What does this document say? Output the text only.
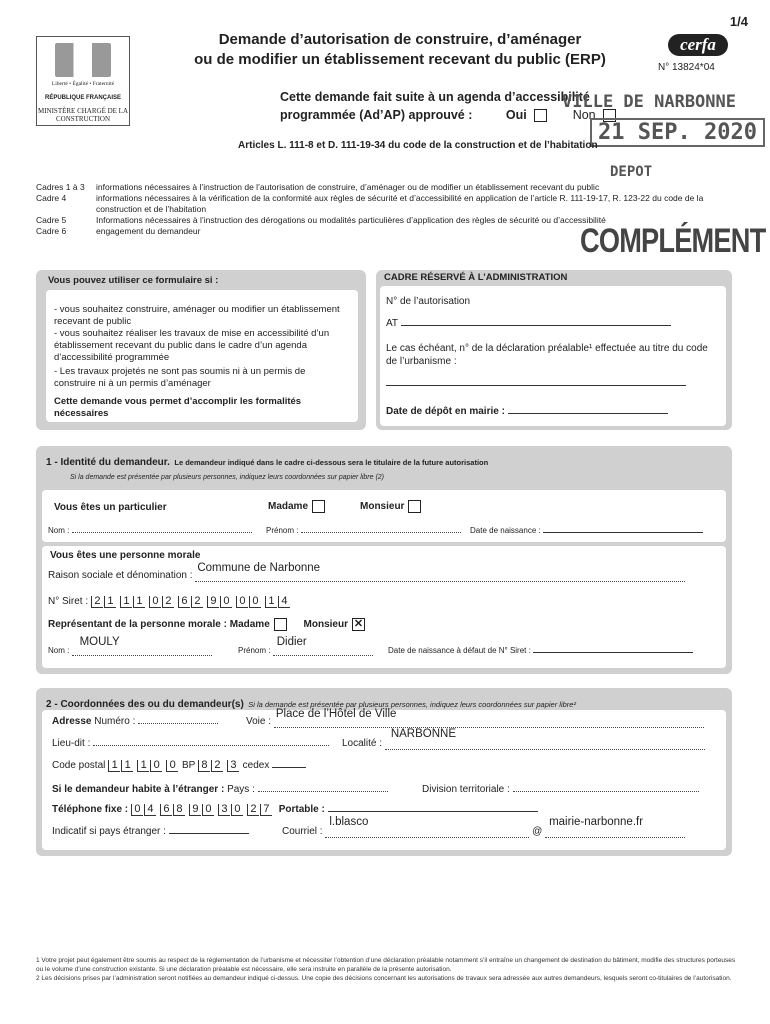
1/4
Liberté • Égalité • Fraternité
RÉPUBLIQUE FRANÇAISE
MINISTÈRE CHARGÉ DE LA CONSTRUCTION
Demande d’autorisation de construire, d’aménager
ou de modifier un établissement recevant du public (ERP)
cerfa
N° 13824*04
Cette demande fait suite à un agenda d’accessibilité
programmée (Ad’AP) approuvé :	Oui	Non
VILLE DE NARBONNE
21 SEP. 2020
DEPOT
Articles L. 111-8 et D. 111-19-34 du code de la construction et de l’habitation
Cadres 1 à 3 informations nécessaires à l’instruction de l’autorisation de construire, d’aménager ou de modifier un établissement recevant du public
Cadre 4	informations nécessaires à la vérification de la conformité aux règles de sécurité et d’accessibilité en application de l’article R. 111-19-17, R. 123-22 du code de la construction et de l’habitation
Cadre 5	Informations nécessaires à l’instruction des dérogations ou modalités particulières d’application des règles de sécurité ou d’accessibilité
Cadre 6	engagement du demandeur	COMPLÉMENT
Vous pouvez utiliser ce formulaire si :
- vous souhaitez construire, aménager ou modifier un établissement recevant de public
- vous souhaitez réaliser les travaux de mise en accessibilité d’un établissement recevant du public dans le cadre d’un agenda d’accessibilité programmée
- Les travaux projetés ne sont pas soumis ni à un permis de construire ni à un permis d’aménager
Cette demande vous permet d’accomplir les formalités nécessaires
CADRE RÉSERVÉ À L’ADMINISTRATION
N° de l’autorisation
AT
Le cas échéant, n° de la déclaration préalable¹ effectuée au titre du code de l’urbanisme :
Date de dépôt en mairie :
1 - Identité du demandeur. Le demandeur indiqué dans le cadre ci-dessous sera le titulaire de la future autorisation
Si la demande est présentée par plusieurs personnes, indiquez leurs coordonnées sur papier libre (2)
Vous êtes un particulier	Madame	Monsieur
Nom :	Prénom :	Date de naissance :
Vous êtes une personne morale
Raison sociale et dénomination :
Commune de Narbonne

N° Siret : 2 1 1 1 0 2 6 2 9 0 0 0 1 4
Représentant de la personne morale : Madame	Monsieur ✕
Nom :
MOULY

Prénom :
Didier

Date de naissance à défaut de N° Siret :
2 - Coordonnées des ou du demandeur(s) Si la demande est présentée par plusieurs personnes, indiquez leurs coordonnées sur papier libre²
Adresse Numéro :	Voie :
Place de l’Hôtel de Ville

Lieu-dit :	Localité :
NARBONNE

Code postal 1 1 1 0 0 BP 8 2 3 cedex
Si le demandeur habite à l’étranger : Pays :	Division territoriale :
Téléphone fixe : 0 4 6 8 9 0 3 0 2 7 Portable :
Indicatif si pays étranger :	Courriel :
l.blasco
@
mairie-narbonne.fr

1 Votre projet peut également être soumis au respect de la réglementation de l’urbanisme et nécessiter l’obtention d’une déclaration préalable notamment s’il entraîne un changement de destination du bâtiment, modifie des structures porteuses ou le volume d’une construction existante. Si une déclaration préalable est nécessaire, elle sera instruite en parallèle de la présente autorisation.
2 Les décisions prises par l’administration seront notifiées au demandeur indiqué ci-dessus. Une copie des décisions concernant les autorisations de travaux sera adressée aux autres demandeurs, lesquels seront co-titulaires de l’autorisation.
